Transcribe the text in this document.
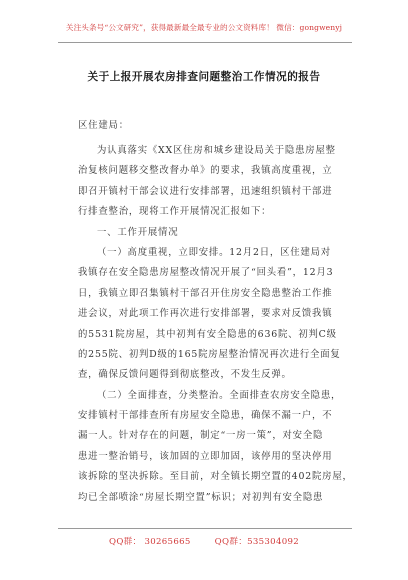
关注头条号“公文研究”，获得最新最全最专业的公文资料库！ 微信：gongwenyj
关于上报开展农房排查问题整治工作情况的报告
区住建局：
为认真落实《XX区住房和城乡建设局关于隐患房屋整
治复核问题移交整改督办单》的要求，我镇高度重视，立
即召开镇村干部会议进行安排部署，迅速组织镇村干部进
行排查整治，现将工作开展情况汇报如下：
一、工作开展情况
（一）高度重视，立即安排。12月2日，区住建局对
我镇存在安全隐患房屋整改情况开展了“回头看”，12月3
日，我镇立即召集镇村干部召开住房安全隐患整治工作推
进会议，对此项工作再次进行安排部署，要求对反馈我镇
的5531院房屋，其中初判有安全隐患的636院、初判C级
的255院、初判D级的165院房屋整治情况再次进行全面复
查，确保反馈问题得到彻底整改，不发生反弹。
（二）全面排查，分类整治。全面排查农房安全隐患，
安排镇村干部排查所有房屋安全隐患，确保不漏一户，不
漏一人。针对存在的问题，制定“一房一策”，对安全隐
患进一整治销号，该加固的立即加固，该停用的坚决停用
该拆除的坚决拆除。至目前，对全镇长期空置的402院房屋，
均已全部喷涂“房屋长期空置”标识；对初判有安全隐患
QQ群： 30265665	QQ群：535304092
